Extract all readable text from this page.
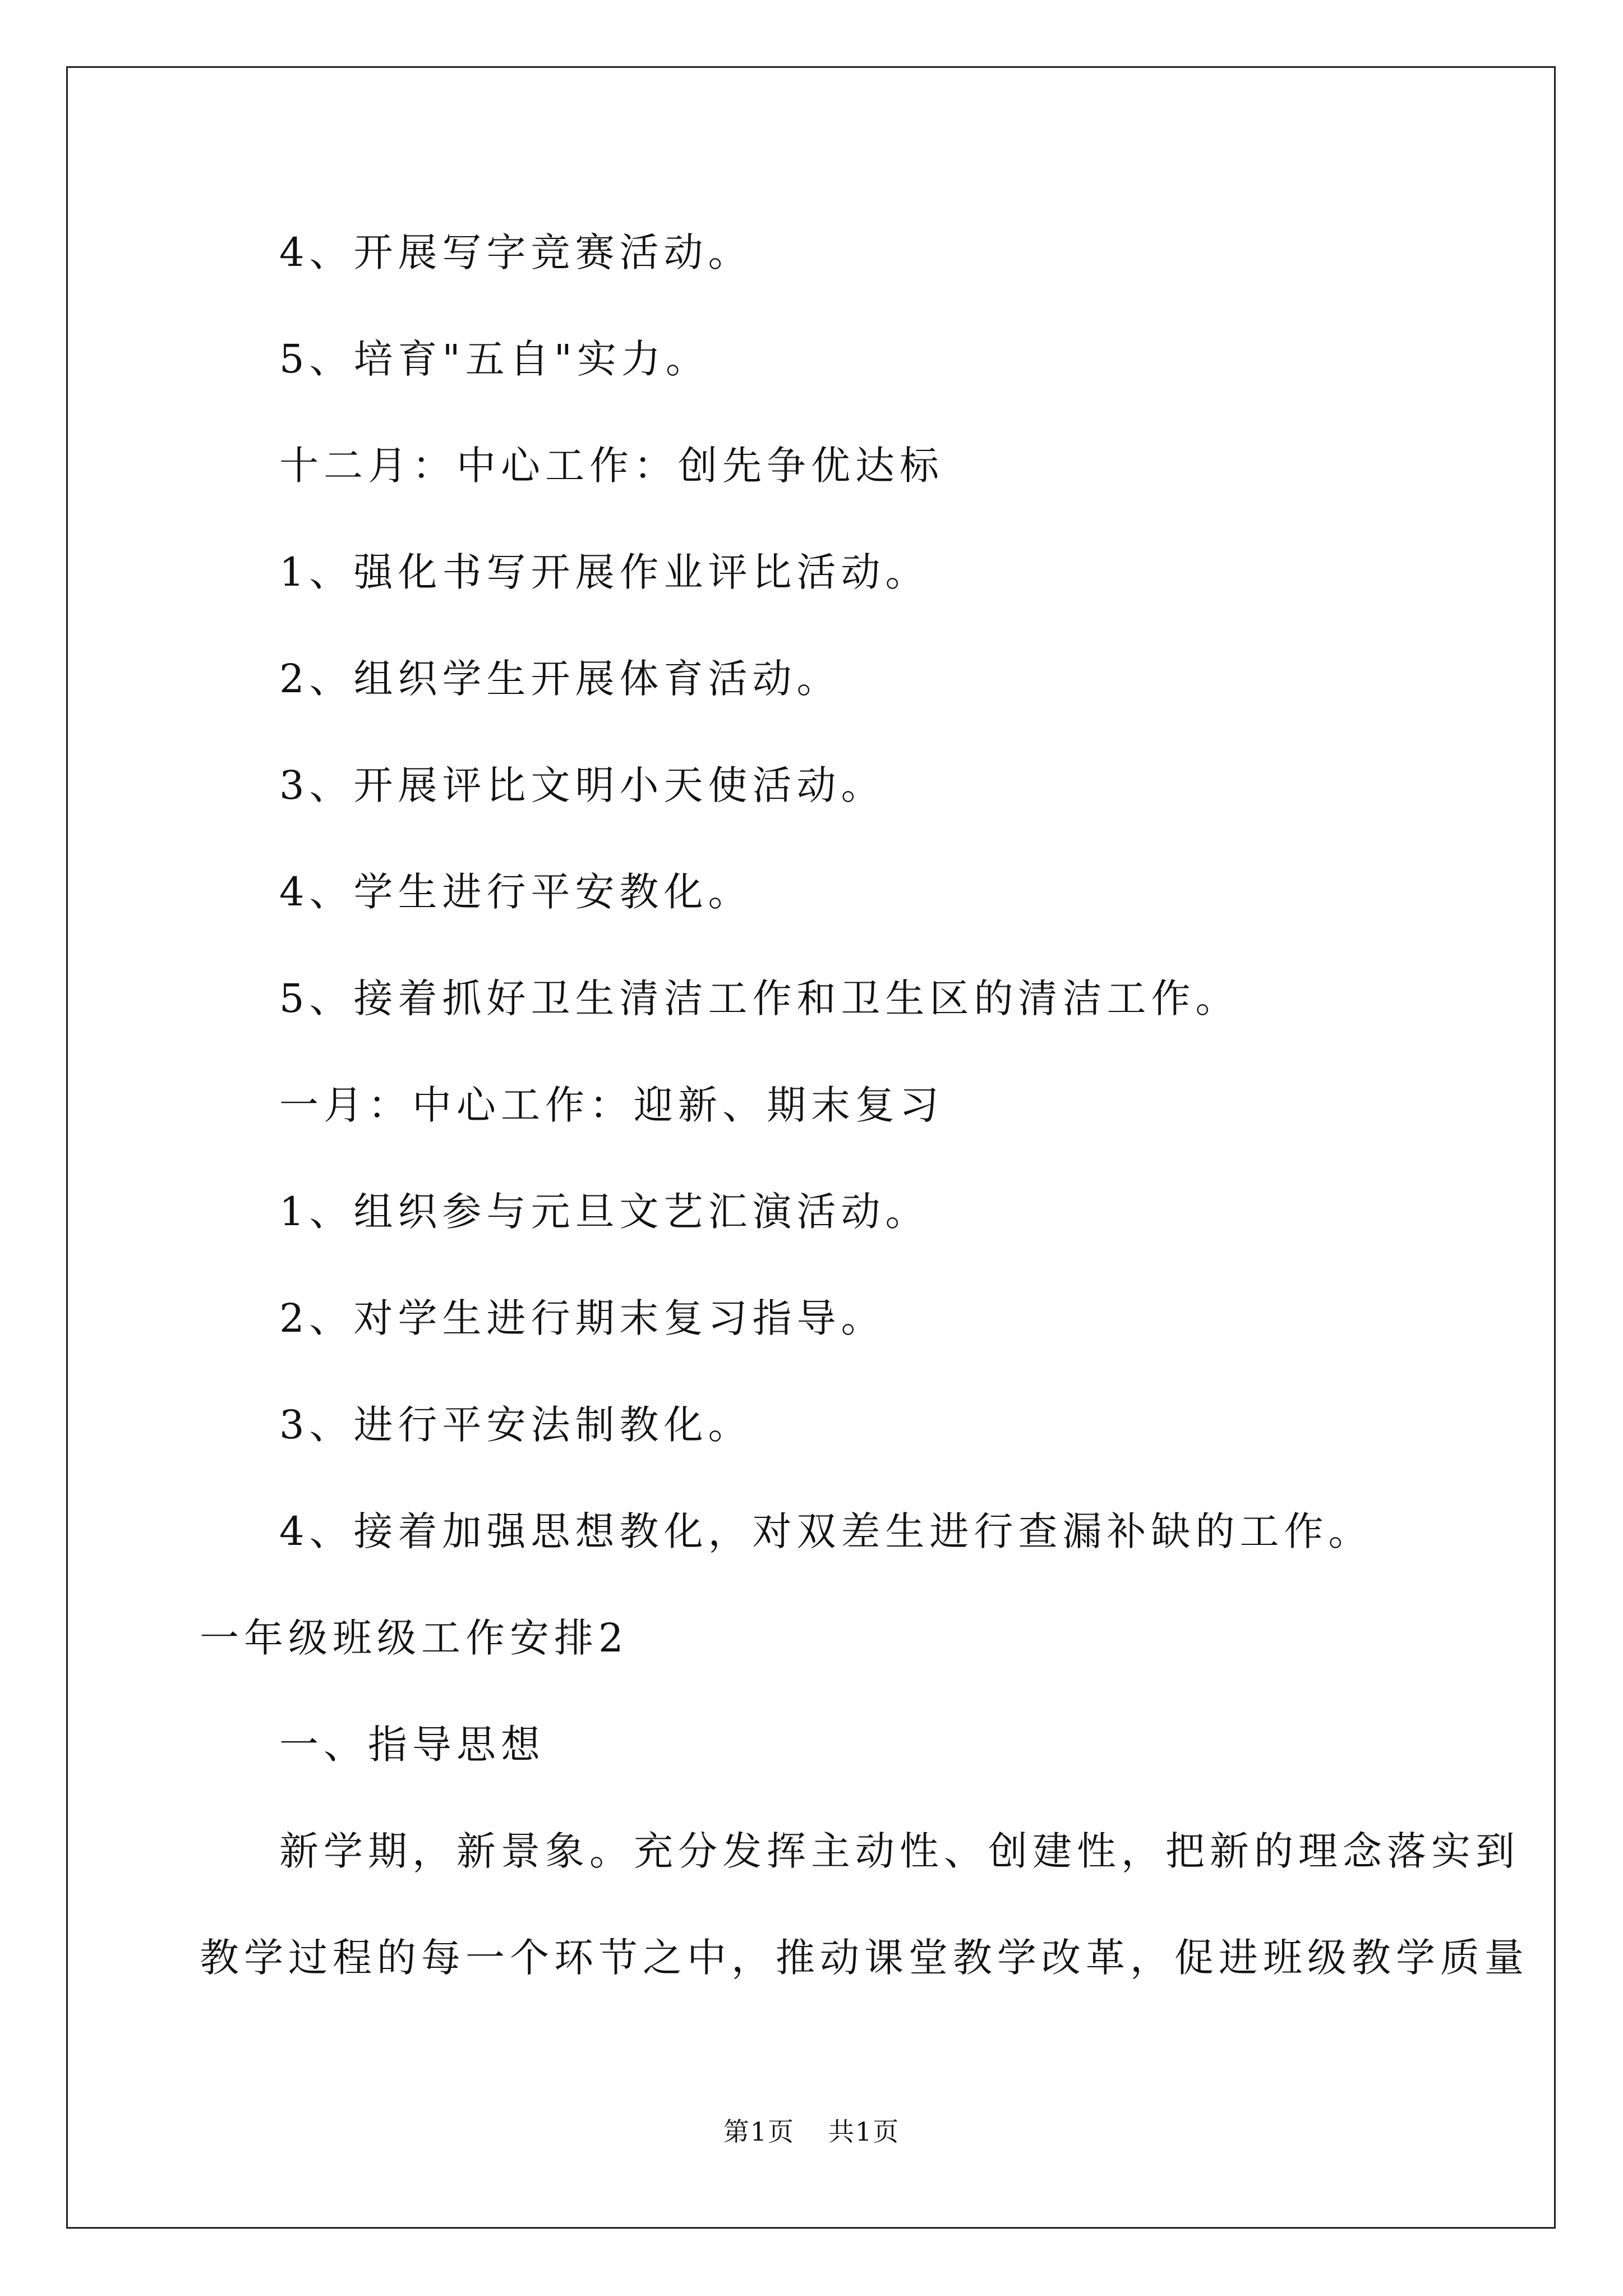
4、开展写字竞赛活动。
5、培育"五自"实力。
十二月：中心工作：创先争优达标
1、强化书写开展作业评比活动。
2、组织学生开展体育活动。
3、开展评比文明小天使活动。
4、学生进行平安教化。
5、接着抓好卫生清洁工作和卫生区的清洁工作。
一月：中心工作：迎新、期末复习
1、组织参与元旦文艺汇演活动。
2、对学生进行期末复习指导。
3、进行平安法制教化。
4、接着加强思想教化，对双差生进行查漏补缺的工作。
一年级班级工作安排2
一、指导思想
新学期，新景象。充分发挥主动性、创建性，把新的理念落实到
教学过程的每一个环节之中，推动课堂教学改革，促进班级教学质量
第1页 共1页
